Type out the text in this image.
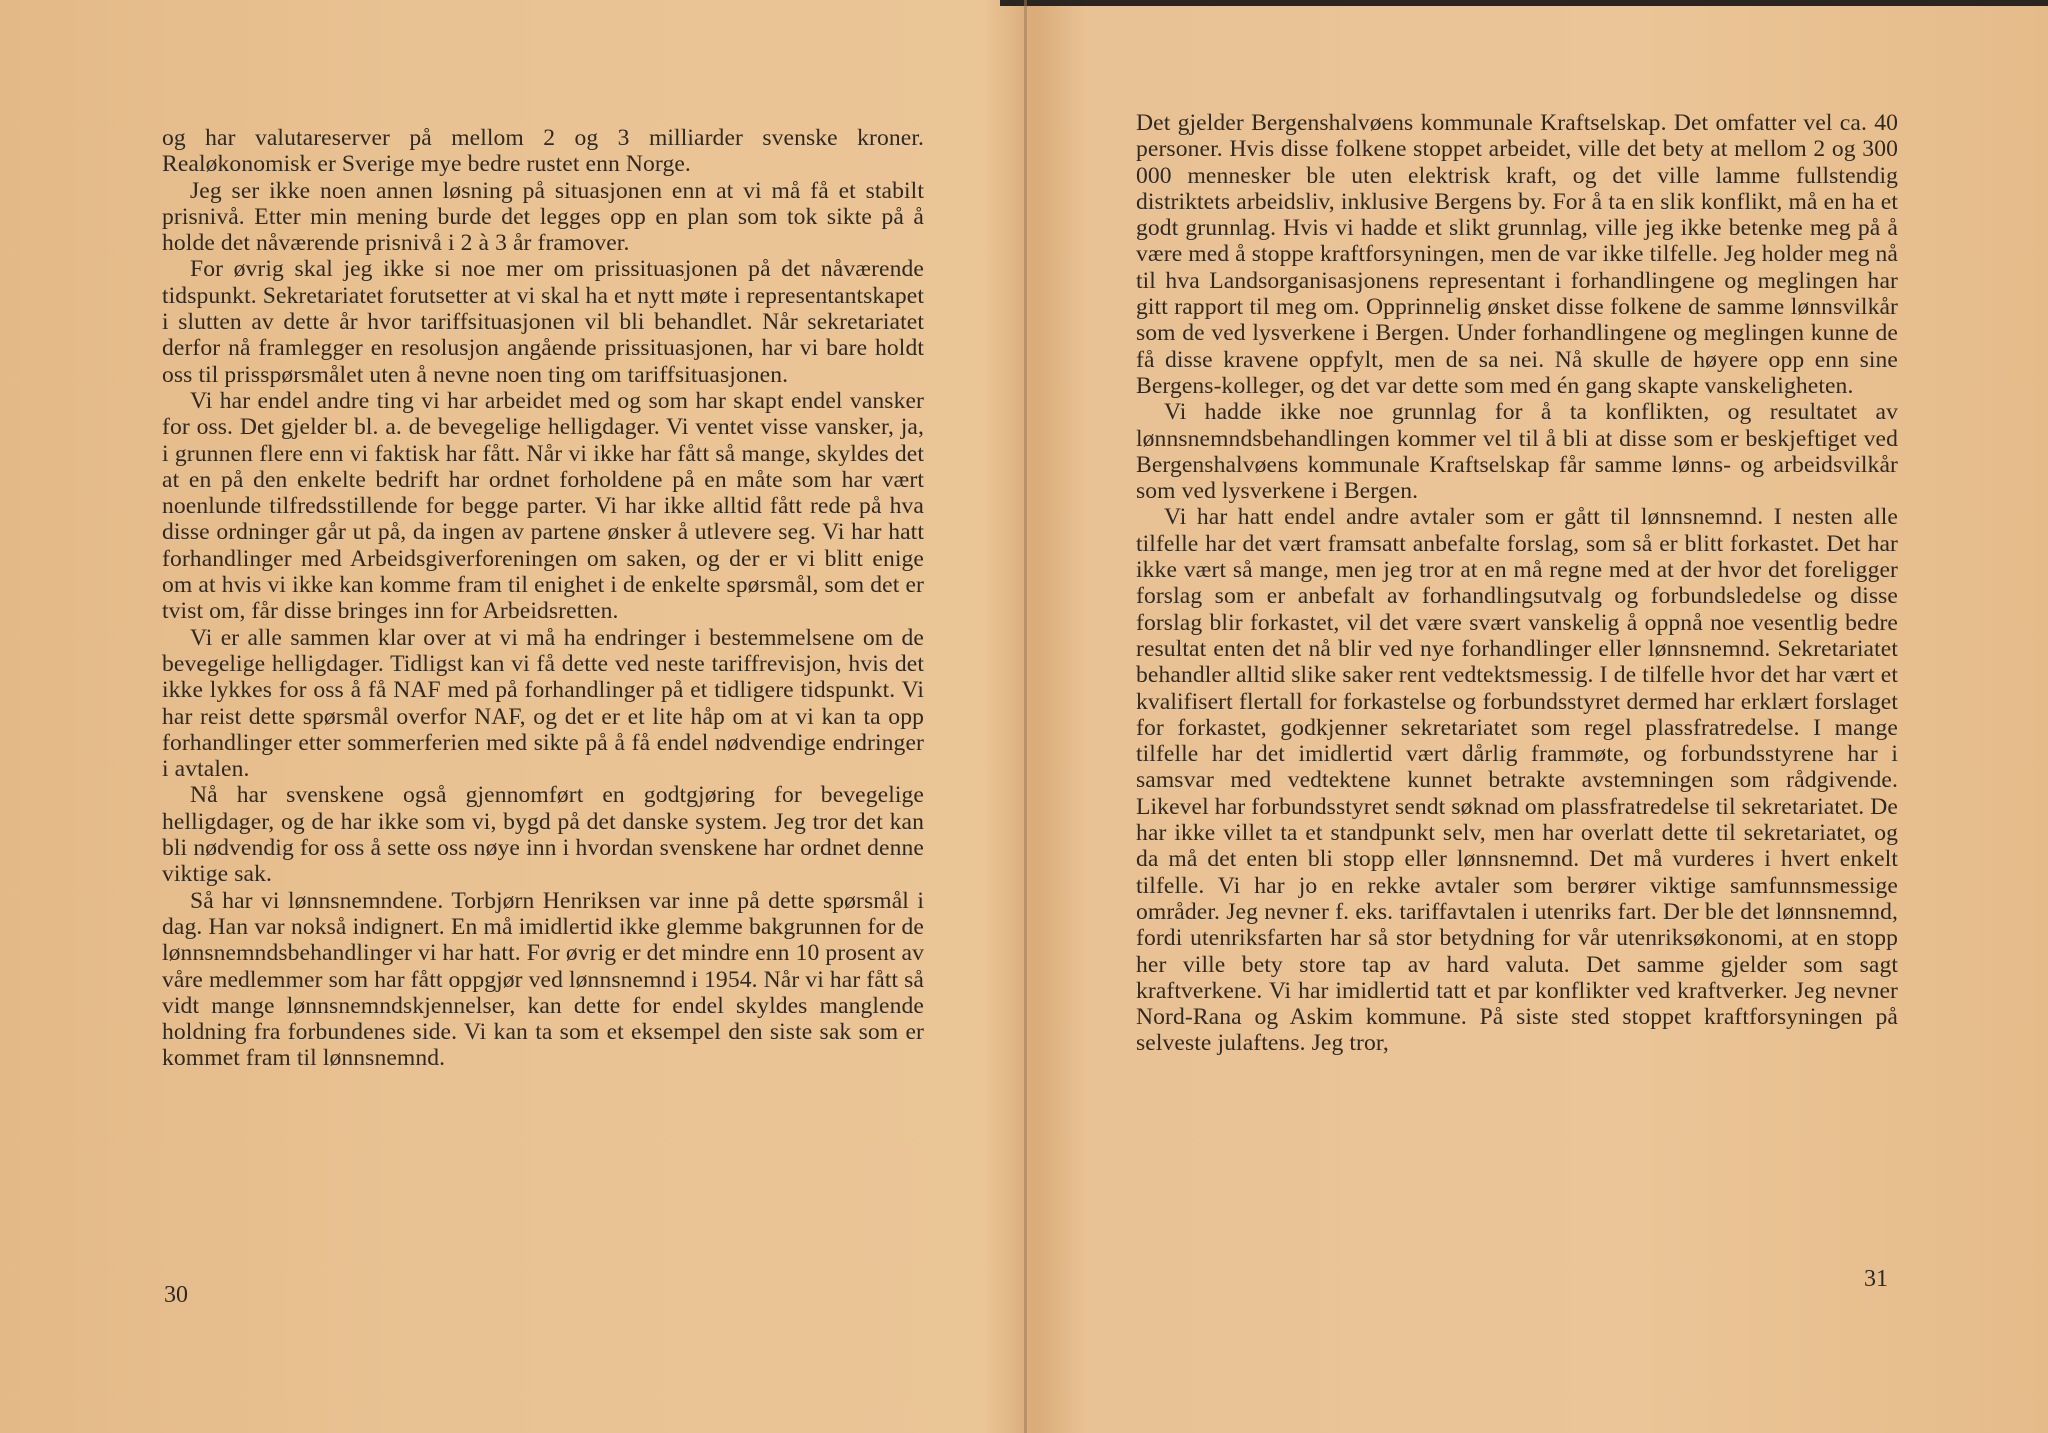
og har valutareserver på mellom 2 og 3 milliarder svenske kroner. Realøkonomisk er Sverige mye bedre rustet enn Norge.

Jeg ser ikke noen annen løsning på situasjonen enn at vi må få et stabilt prisnivå. Etter min mening burde det legges opp en plan som tok sikte på å holde det nåværende prisnivå i 2 à 3 år framover.

For øvrig skal jeg ikke si noe mer om prissituasjonen på det nåværende tidspunkt. Sekretariatet forutsetter at vi skal ha et nytt møte i representantskapet i slutten av dette år hvor tariffsituasjonen vil bli behandlet. Når sekretariatet derfor nå framlegger en resolusjon angående prissituasjonen, har vi bare holdt oss til prisspørsmålet uten å nevne noen ting om tariffsituasjonen.

Vi har endel andre ting vi har arbeidet med og som har skapt endel vansker for oss. Det gjelder bl. a. de bevegelige helligdager. Vi ventet visse vansker, ja, i grunnen flere enn vi faktisk har fått. Når vi ikke har fått så mange, skyldes det at en på den enkelte bedrift har ordnet forholdene på en måte som har vært noenlunde tilfredsstillende for begge parter. Vi har ikke alltid fått rede på hva disse ordninger går ut på, da ingen av partene ønsker å utlevere seg. Vi har hatt forhandlinger med Arbeidsgiverforeningen om saken, og der er vi blitt enige om at hvis vi ikke kan komme fram til enighet i de enkelte spørsmål, som det er tvist om, får disse bringes inn for Arbeidsretten.

Vi er alle sammen klar over at vi må ha endringer i bestemmelsene om de bevegelige helligdager. Tidligst kan vi få dette ved neste tariffrevisjon, hvis det ikke lykkes for oss å få NAF med på forhandlinger på et tidligere tidspunkt. Vi har reist dette spørsmål overfor NAF, og det er et lite håp om at vi kan ta opp forhandlinger etter sommerferien med sikte på å få endel nødvendige endringer i avtalen.

Nå har svenskene også gjennomført en godtgjøring for bevegelige helligdager, og de har ikke som vi, bygd på det danske system. Jeg tror det kan bli nødvendig for oss å sette oss nøye inn i hvordan svenskene har ordnet denne viktige sak.

Så har vi lønnsnemndene. Torbjørn Henriksen var inne på dette spørsmål i dag. Han var nokså indignert. En må imidlertid ikke glemme bakgrunnen for de lønnsnemndsbehandlinger vi har hatt. For øvrig er det mindre enn 10 prosent av våre medlemmer som har fått oppgjør ved lønnsnemnd i 1954. Når vi har fått så vidt mange lønnsnemndskjennelser, kan dette for endel skyldes manglende holdning fra forbundenes side. Vi kan ta som et eksempel den siste sak som er kommet fram til lønnsnemnd.

30

Det gjelder Bergenshalvøens kommunale Kraftselskap. Det omfatter vel ca. 40 personer. Hvis disse folkene stoppet arbeidet, ville det bety at mellom 2 og 300 000 mennesker ble uten elektrisk kraft, og det ville lamme fullstendig distriktets arbeidsliv, inklusive Bergens by. For å ta en slik konflikt, må en ha et godt grunnlag. Hvis vi hadde et slikt grunnlag, ville jeg ikke betenke meg på å være med å stoppe kraftforsyningen, men de var ikke tilfelle. Jeg holder meg nå til hva Landsorganisasjonens representant i forhandlingene og meglingen har gitt rapport til meg om. Opprinnelig ønsket disse folkene de samme lønnsvilkår som de ved lysverkene i Bergen. Under forhandlingene og meglingen kunne de få disse kravene oppfylt, men de sa nei. Nå skulle de høyere opp enn sine Bergens-kolleger, og det var dette som med én gang skapte vanskeligheten.

Vi hadde ikke noe grunnlag for å ta konflikten, og resultatet av lønnsnemndsbehandlingen kommer vel til å bli at disse som er beskjeftiget ved Bergenshalvøens kommunale Kraftselskap får samme lønns- og arbeidsvilkår som ved lysverkene i Bergen.

Vi har hatt endel andre avtaler som er gått til lønnsnemnd. I nesten alle tilfelle har det vært framsatt anbefalte forslag, som så er blitt forkastet. Det har ikke vært så mange, men jeg tror at en må regne med at der hvor det foreligger forslag som er anbefalt av forhandlingsutvalg og forbundsledelse og disse forslag blir forkastet, vil det være svært vanskelig å oppnå noe vesentlig bedre resultat enten det nå blir ved nye forhandlinger eller lønnsnemnd. Sekretariatet behandler alltid slike saker rent vedtektsmessig. I de tilfelle hvor det har vært et kvalifisert flertall for forkastelse og forbundsstyret dermed har erklært forslaget for forkastet, godkjenner sekretariatet som regel plassfratredelse. I mange tilfelle har det imidlertid vært dårlig frammøte, og forbundsstyrene har i samsvar med vedtektene kunnet betrakte avstemningen som rådgivende. Likevel har forbundsstyret sendt søknad om plassfratredelse til sekretariatet. De har ikke villet ta et standpunkt selv, men har overlatt dette til sekretariatet, og da må det enten bli stopp eller lønnsnemnd. Det må vurderes i hvert enkelt tilfelle. Vi har jo en rekke avtaler som berører viktige samfunnsmessige områder. Jeg nevner f. eks. tariffavtalen i utenriks fart. Der ble det lønnsnemnd, fordi utenriksfarten har så stor betydning for vår utenriksøkonomi, at en stopp her ville bety store tap av hard valuta. Det samme gjelder som sagt kraftverkene. Vi har imidlertid tatt et par konflikter ved kraftverker. Jeg nevner Nord-Rana og Askim kommune. På siste sted stoppet kraftforsyningen på selveste julaftens. Jeg tror,

31
